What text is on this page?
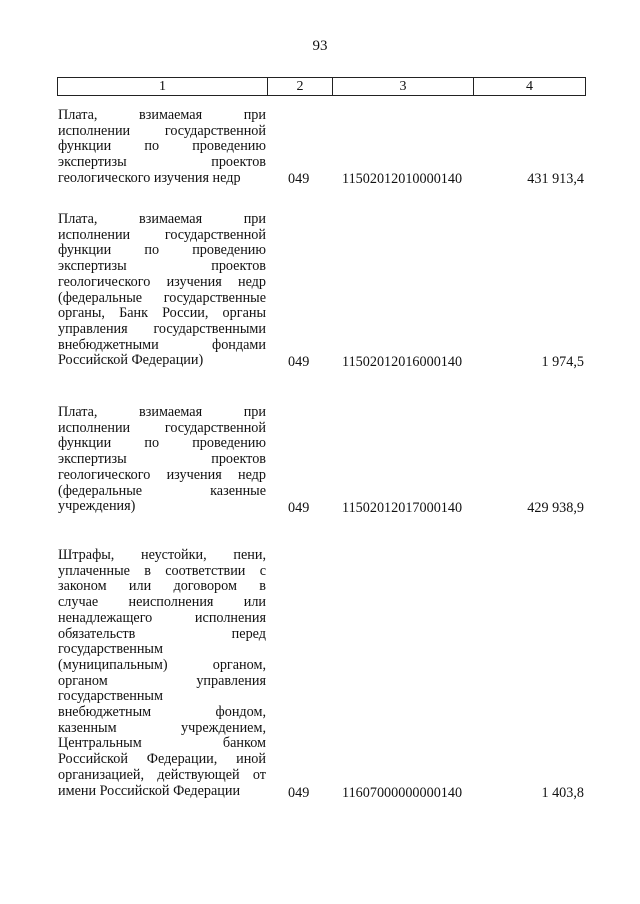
93
1	2	3	4
Плата, взимаемая при
исполнении государственной
функции по проведению
экспертизы проектов
геологического изучения недр	049 11502012010000140	431 913,4
Плата, взимаемая при
исполнении государственной
функции по проведению
экспертизы проектов
геологического изучения недр
(федеральные государственные
органы, Банк России, органы
управления государственными
внебюджетными фондами
Российской Федерации)	049 11502012016000140	1 974,5
Плата, взимаемая при
исполнении государственной
функции по проведению
экспертизы проектов
геологического изучения недр
(федеральные казенные
учреждения)	049 11502012017000140	429 938,9
Штрафы, неустойки, пени,
уплаченные в соответствии с
законом или договором в
случае неисполнения или
ненадлежащего исполнения
обязательств перед
государственным
(муниципальным) органом,
органом управления
государственным
внебюджетным фондом,
казенным учреждением,
Центральным банком
Российской Федерации, иной
организацией, действующей от
имени Российской Федерации	049 11607000000000140	1 403,8
